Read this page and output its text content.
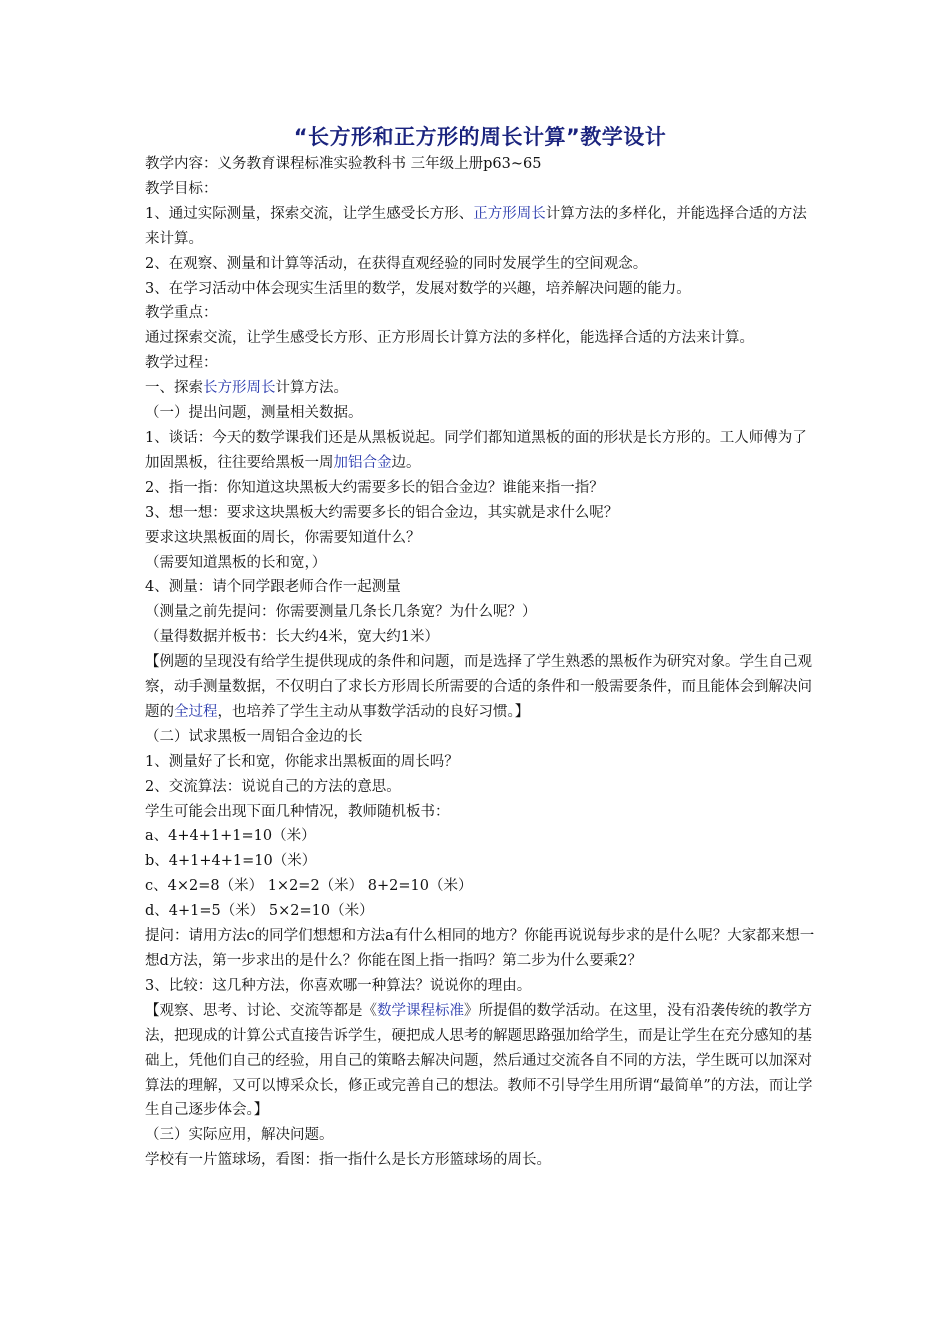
“长方形和正方形的周长计算”教学设计

教学内容：义务教育课程标准实验教科书 三年级上册p63~65

教学目标：

1、通过实际测量，探索交流，让学生感受长方形、正方形周长计算方法的多样化，并能选择合适的方法来计算。

2、在观察、测量和计算等活动，在获得直观经验的同时发展学生的空间观念。

3、在学习活动中体会现实生活里的数学，发展对数学的兴趣，培养解决问题的能力。

教学重点：

通过探索交流，让学生感受长方形、正方形周长计算方法的多样化，能选择合适的方法来计算。

教学过程：

一、探索长方形周长计算方法。

（一）提出问题，测量相关数据。

1、谈话：今天的数学课我们还是从黑板说起。同学们都知道黑板的面的形状是长方形的。工人师傅为了加固黑板，往往要给黑板一周加铝合金边。

2、指一指：你知道这块黑板大约需要多长的铝合金边？谁能来指一指？

3、想一想：要求这块黑板大约需要多长的铝合金边，其实就是求什么呢？

要求这块黑板面的周长，你需要知道什么？

（需要知道黑板的长和宽，）

4、测量：请个同学跟老师合作一起测量

（测量之前先提问：你需要测量几条长几条宽？为什么呢？）

（量得数据并板书：长大约4米，宽大约1米）

【例题的呈现没有给学生提供现成的条件和问题，而是选择了学生熟悉的黑板作为研究对象。学生自己观察，动手测量数据，不仅明白了求长方形周长所需要的合适的条件和一般需要条件，而且能体会到解决问题的全过程，也培养了学生主动从事数学活动的良好习惯。】

（二）试求黑板一周铝合金边的长

1、测量好了长和宽，你能求出黑板面的周长吗？

2、交流算法：说说自己的方法的意思。

学生可能会出现下面几种情况，教师随机板书：

a、4+4+1+1=10（米）

b、4+1+4+1=10（米）

c、4×2=8（米） 1×2=2（米） 8+2=10（米）

d、4+1=5（米） 5×2=10（米）

提问：请用方法c的同学们想想和方法a有什么相同的地方？你能再说说每步求的是什么呢？大家都来想一想d方法，第一步求出的是什么？你能在图上指一指吗？第二步为什么要乘2？

3、比较：这几种方法，你喜欢哪一种算法？说说你的理由。

【观察、思考、讨论、交流等都是《数学课程标准》所提倡的数学活动。在这里，没有沿袭传统的教学方法，把现成的计算公式直接告诉学生，硬把成人思考的解题思路强加给学生，而是让学生在充分感知的基础上，凭他们自己的经验，用自己的策略去解决问题，然后通过交流各自不同的方法，学生既可以加深对算法的理解，又可以博采众长，修正或完善自己的想法。教师不引导学生用所谓“最简单”的方法，而让学生自己逐步体会。】

（三）实际应用，解决问题。

学校有一片篮球场，看图：指一指什么是长方形篮球场的周长。
